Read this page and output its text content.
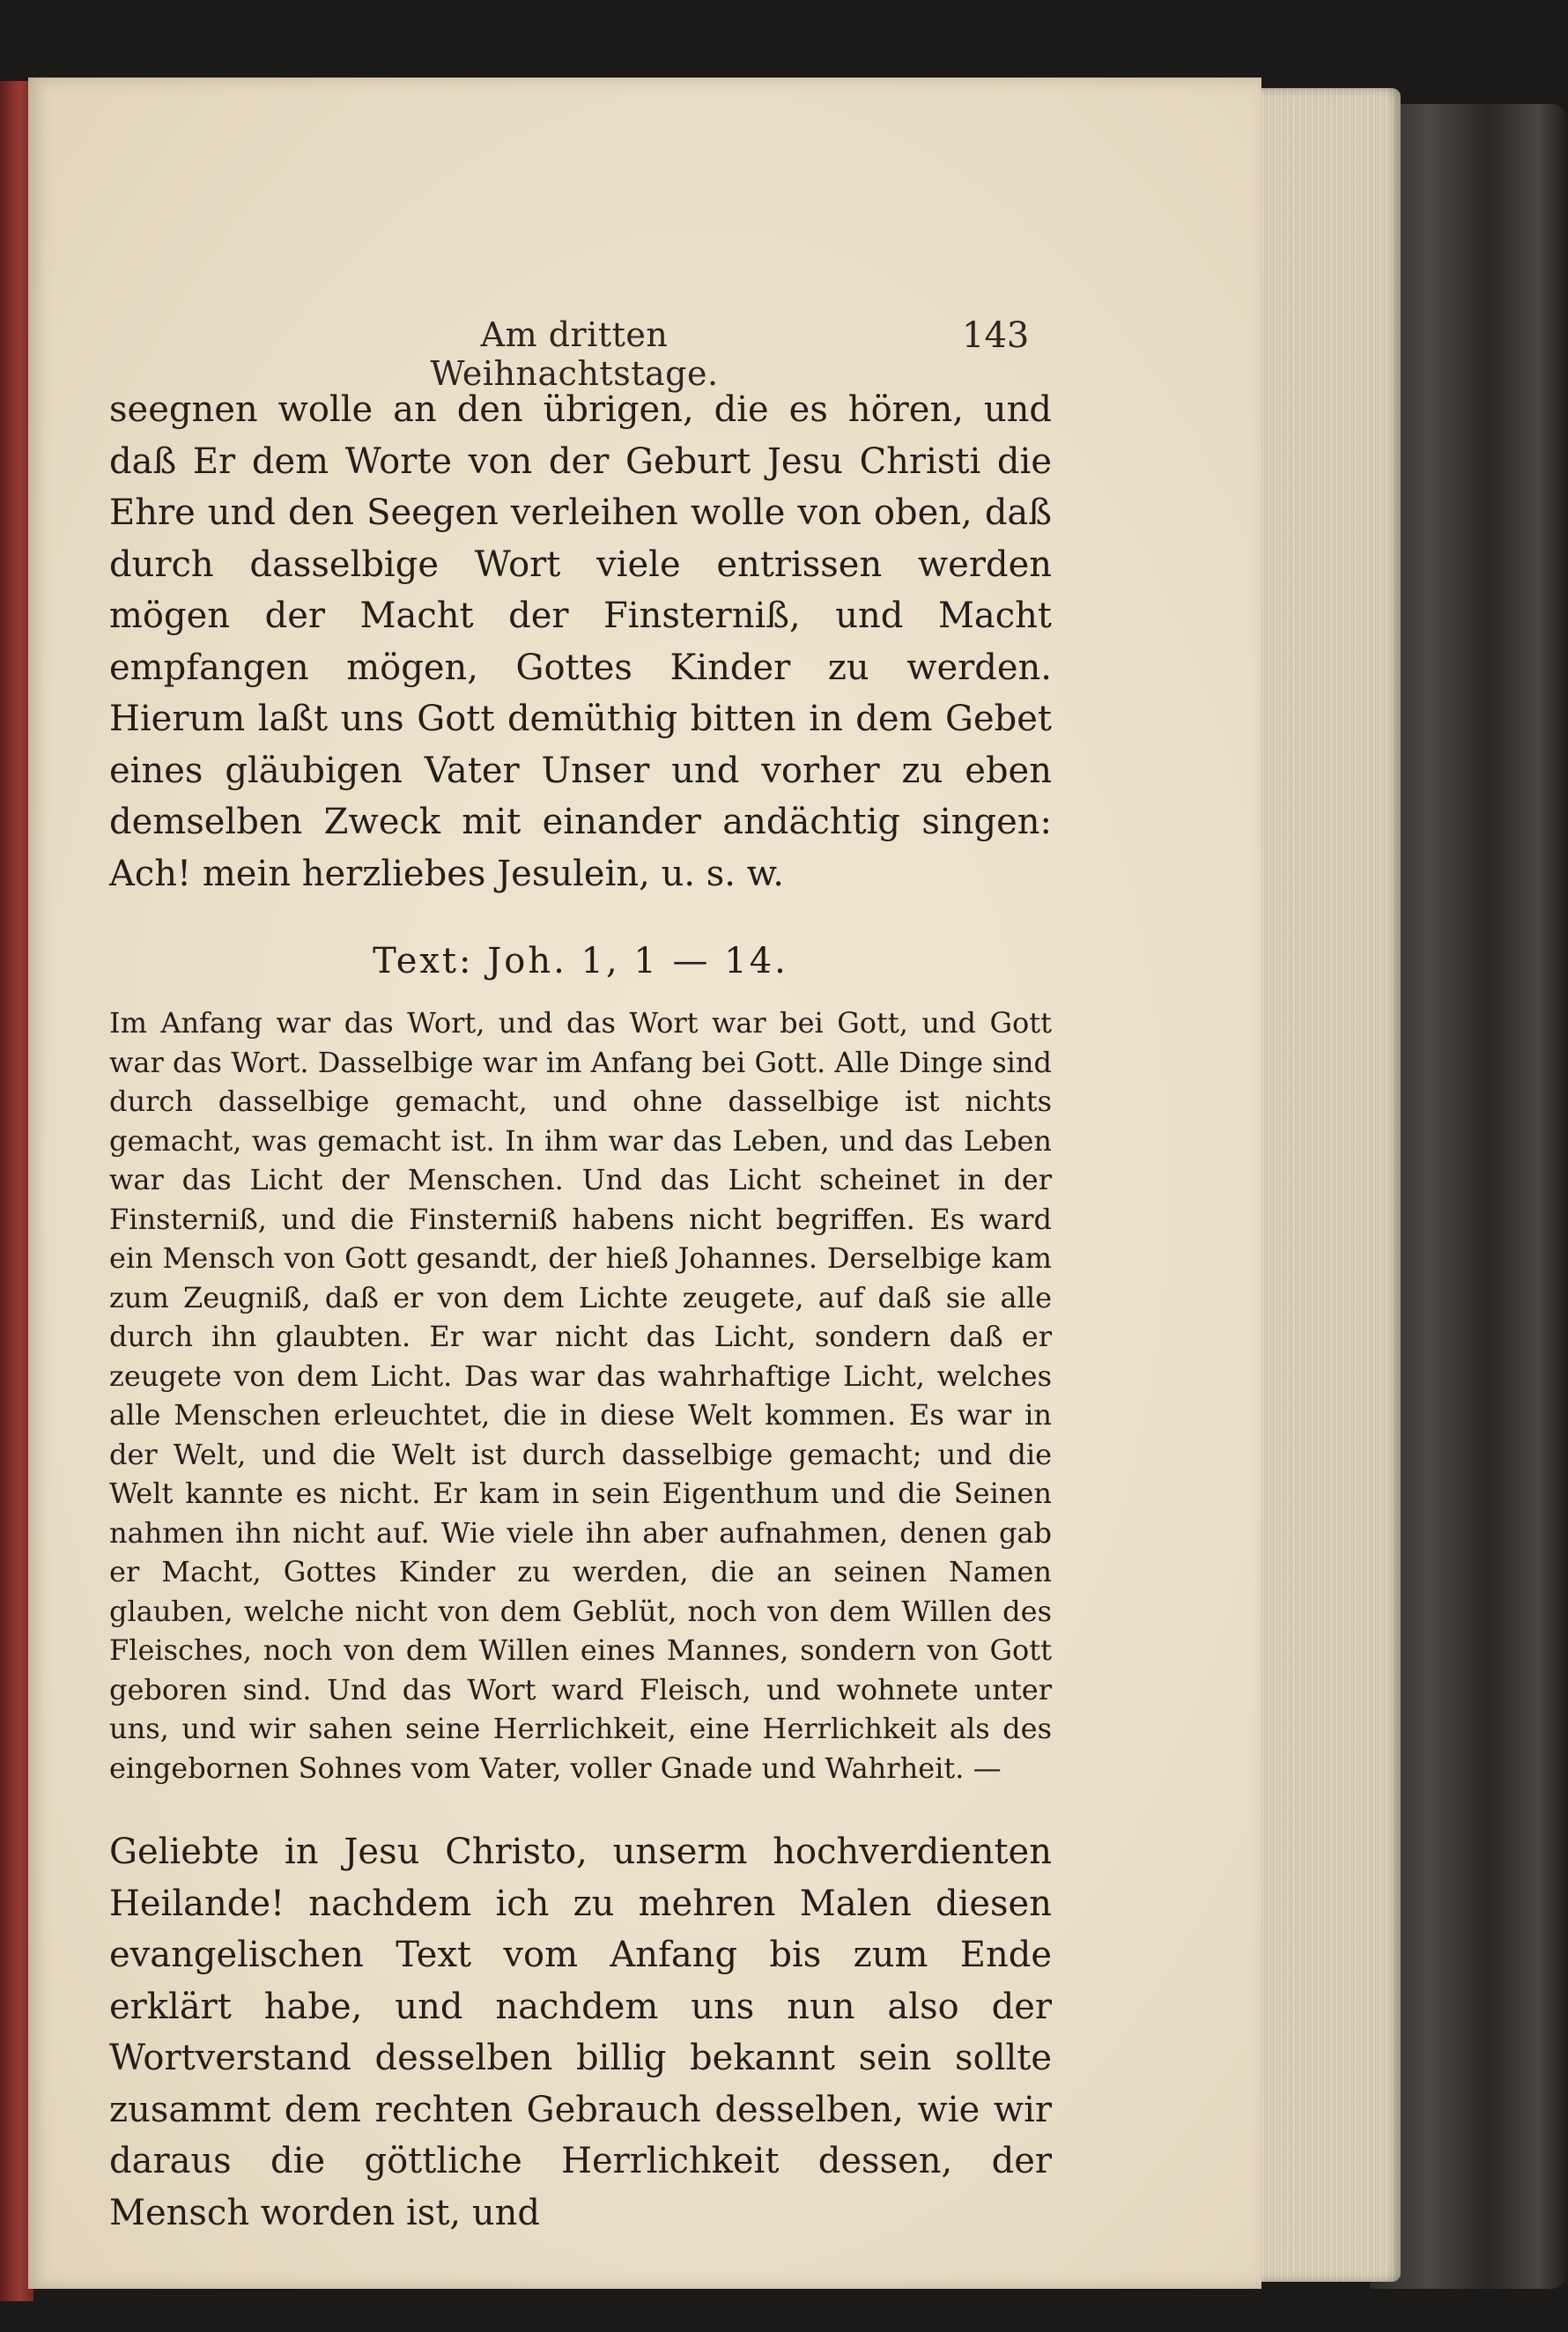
Am dritten Weihnachtstage.
143

seegnen wolle an den übrigen, die es hören, und daß Er dem Worte von der Geburt Jesu Christi die Ehre und den Seegen verleihen wolle von oben, daß durch dasselbige Wort viele entrissen werden mögen der Macht der Finsterniß, und Macht empfangen mögen, Gottes Kinder zu werden. Hierum laßt uns Gott demüthig bitten in dem Gebet eines gläubigen Vater Unser und vorher zu eben demselben Zweck mit einander andächtig singen: Ach! mein herzliebes Jesulein, u. s. w.

Text: Joh. 1, 1 — 14.

Im Anfang war das Wort, und das Wort war bei Gott, und Gott war das Wort. Dasselbige war im Anfang bei Gott. Alle Dinge sind durch dasselbige gemacht, und ohne dasselbige ist nichts gemacht, was gemacht ist. In ihm war das Leben, und das Leben war das Licht der Menschen. Und das Licht scheinet in der Finsterniß, und die Finsterniß habens nicht begriffen. Es ward ein Mensch von Gott gesandt, der hieß Johannes. Derselbige kam zum Zeugniß, daß er von dem Lichte zeugete, auf daß sie alle durch ihn glaubten. Er war nicht das Licht, sondern daß er zeugete von dem Licht. Das war das wahrhaftige Licht, welches alle Menschen erleuchtet, die in diese Welt kommen. Es war in der Welt, und die Welt ist durch dasselbige gemacht; und die Welt kannte es nicht. Er kam in sein Eigenthum und die Seinen nahmen ihn nicht auf. Wie viele ihn aber aufnahmen, denen gab er Macht, Gottes Kinder zu werden, die an seinen Namen glauben, welche nicht von dem Geblüt, noch von dem Willen des Fleisches, noch von dem Willen eines Mannes, sondern von Gott geboren sind. Und das Wort ward Fleisch, und wohnete unter uns, und wir sahen seine Herrlichkeit, eine Herrlichkeit als des eingebornen Sohnes vom Vater, voller Gnade und Wahrheit. —

Geliebte in Jesu Christo, unserm hochverdienten Heilande! nachdem ich zu mehren Malen diesen evangelischen Text vom Anfang bis zum Ende erklärt habe, und nachdem uns nun also der Wortverstand desselben billig bekannt sein sollte zusammt dem rechten Gebrauch desselben, wie wir daraus die göttliche Herrlichkeit dessen, der Mensch worden ist, und
